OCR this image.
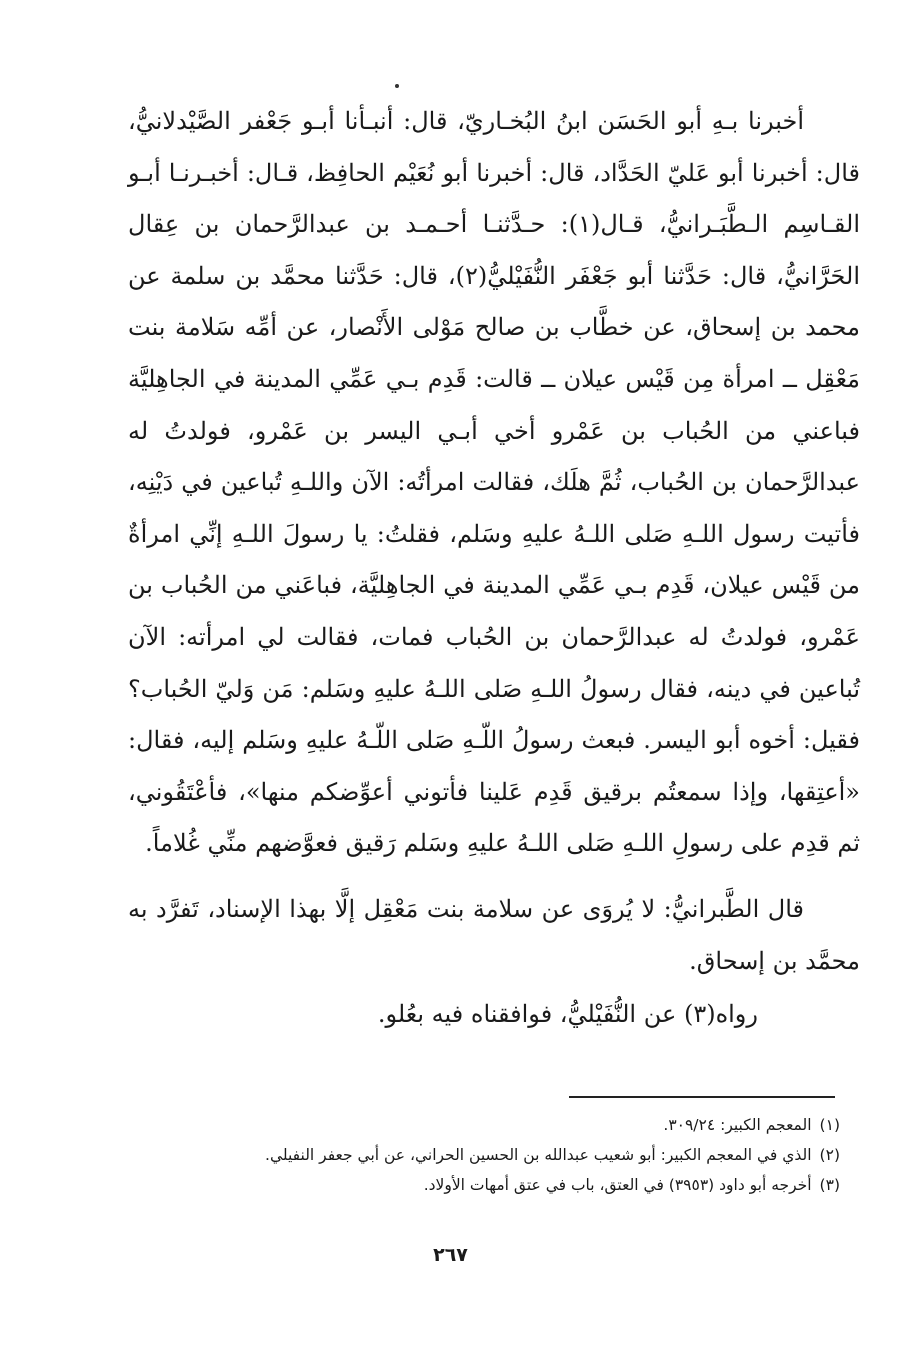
أخبرنا بـهِ أبو الحَسَن ابنُ البُخـاريّ، قال: أنبـأنا أبـو جَعْفر الصَّيْدلانيُّ، قال: أخبرنا أبو عَليّ الحَدَّاد، قال: أخبرنا أبو نُعَيْم الحافِظ، قـال: أخبـرنـا أبـو القـاسِم الـطَّبَـرانيُّ، قـال(١): حـدَّثنـا أحـمـد بن عبدالرَّحمان بن عِقال الحَرَّانيُّ، قال: حَدَّثنا أبو جَعْفَر النُّفَيْليُّ(٢)، قال: حَدَّثنا محمَّد بن سلمة عن محمد بن إسحاق، عن خطَّاب بن صالح مَوْلى الأَنْصار، عن أمِّه سَلامة بنت مَعْقِل ــ امرأة مِن قَيْس عيلان ــ قالت: قَدِم بـي عَمِّي المدينة في الجاهِليَّة فباعني من الحُباب بن عَمْرو أخي أبـي اليسر بن عَمْرو، فولدتُ له عبدالرَّحمان بن الحُباب، ثُمَّ هلَك، فقالت امرأتُه: الآن واللـهِ تُباعين في دَيْنِه، فأتيت رسول اللـهِ صَلى اللـهُ عليهِ وسَلم، فقلتُ: يا رسولَ اللـهِ إنِّي امرأةٌ من قَيْس عيلان، قَدِم بـي عَمِّي المدينة في الجاهِليَّة، فباعَني من الحُباب بن عَمْرو، فولدتُ له عبدالرَّحمان بن الحُباب فمات، فقالت لي امرأته: الآن تُباعين في دينه، فقال رسولُ اللـهِ صَلى اللـهُ عليهِ وسَلم: مَن وَليّ الحُباب؟ فقيل: أخوه أبو اليسر. فبعث رسولُ اللّـهِ صَلى اللّـهُ عليهِ وسَلم إليه، فقال: «أعتِقها، وإذا سمعتُم برقيق قَدِم عَلينا فأتوني أعوِّضكم منها»، فأعْتَقُوني، ثم قدِم على رسولِ اللـهِ صَلى اللـهُ عليهِ وسَلم رَقيق فعوَّضهم منِّي غُلاماً.

قال الطَّبرانيُّ: لا يُروَى عن سلامة بنت مَعْقِل إلَّا بهذا الإسناد، تَفرَّد به محمَّد بن إسحاق.

رواه(٣) عن النُّفَيْليُّ، فوافقناه فيه بعُلو.

(١)المعجم الكبير: ٣٠٩/٢٤.
(٢)الذي في المعجم الكبير: أبو شعيب عبدالله بن الحسين الحراني، عن أبي جعفر النفيلي.
(٣)أخرجه أبو داود (٣٩٥٣) في العتق، باب في عتق أمهات الأولاد.
٢٦٧
